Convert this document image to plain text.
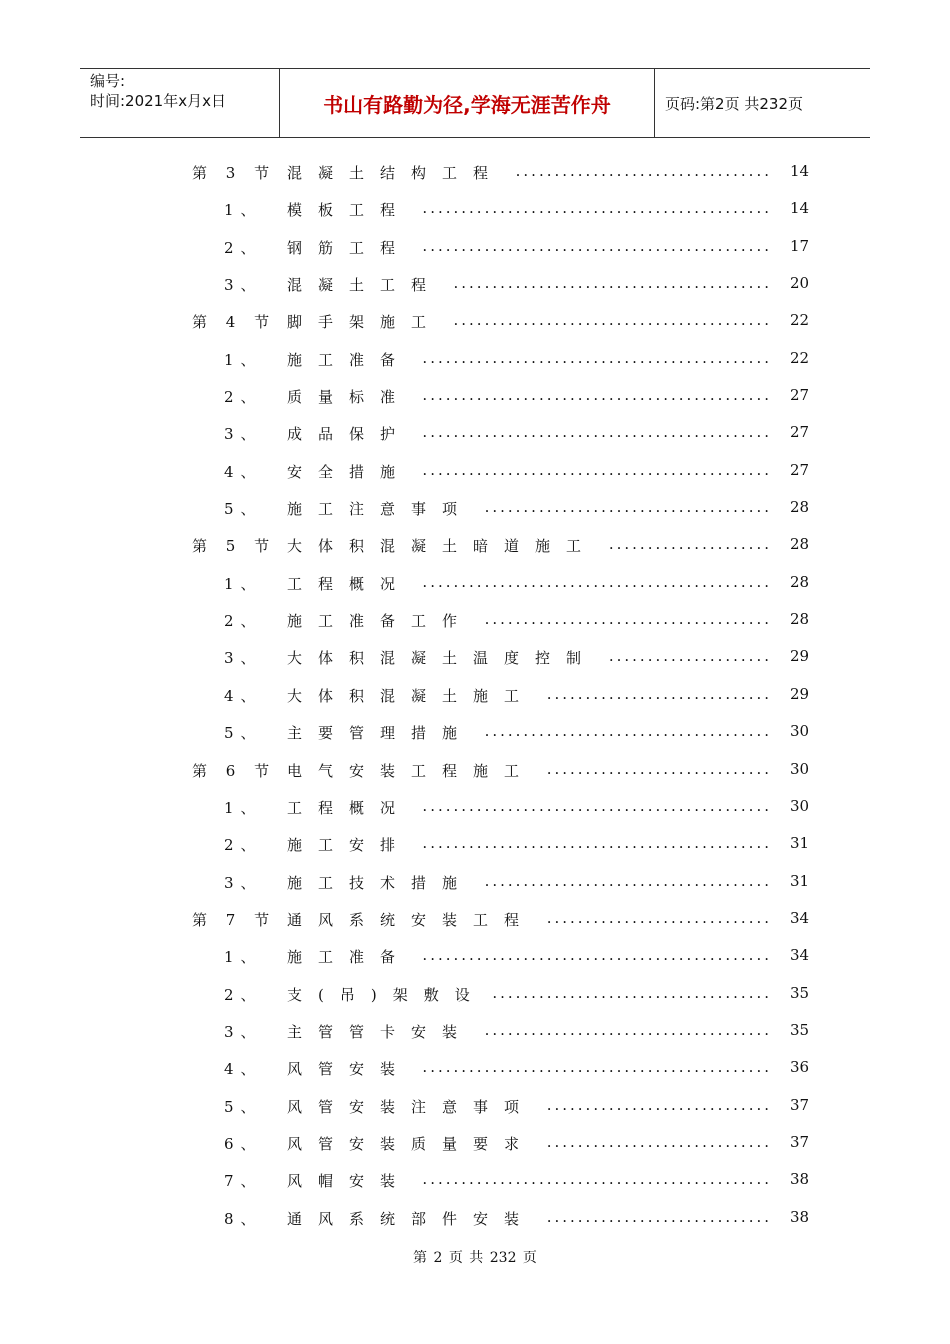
编号:
时间:2021年x月x日	书山有路勤为径,学海无涯苦作舟	页码:第2页 共232页
第 3 节 混凝土结构工程 ................................. 14
1、 模板工程 ............................................. 14
2、 钢筋工程 ............................................. 17
3、 混凝土工程 ......................................... 20
第 4 节 脚手架施工 ......................................... 22
1、 施工准备 ............................................. 22
2、 质量标准 ............................................. 27
3、 成品保护 ............................................. 27
4、 安全措施 ............................................. 27
5、 施工注意事项 ..................................... 28
第 5 节 大体积混凝土暗道施工 ..................... 28
1、 工程概况 ............................................. 28
2、 施工准备工作 ..................................... 28
3、 大体积混凝土温度控制 ..................... 29
4、 大体积混凝土施工 ............................. 29
5、 主要管理措施 ..................................... 30
第 6 节 电气安装工程施工 ............................. 30
1、 工程概况 ............................................. 30
2、 施工安排 ............................................. 31
3、 施工技术措施 ..................................... 31
第 7 节 通风系统安装工程 ............................. 34
1、 施工准备 ............................................. 34
2、 支(吊)架敷设 .................................... 35
3、 主管管卡安装 ..................................... 35
4、 风管安装 ............................................. 36
5、 风管安装注意事项 ............................. 37
6、 风管安装质量要求 ............................. 37
7、 风帽安装 ............................................. 38
8、 通风系统部件安装 ............................. 38
第 2 页 共 232 页
